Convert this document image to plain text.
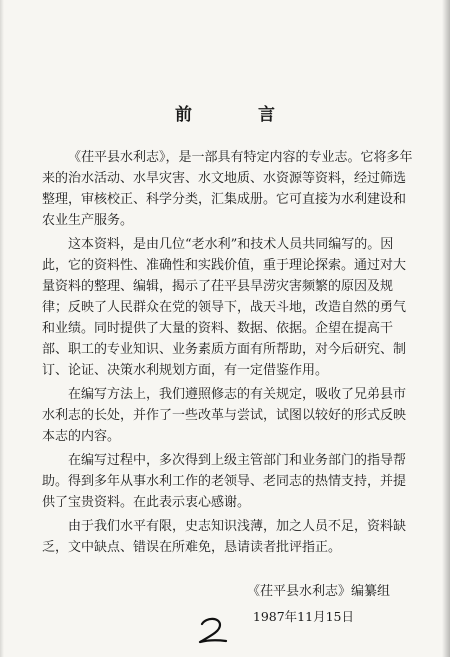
前 言

《茌平县水利志》，是一部具有特定内容的专业志。它将多年来的治水活动、水旱灾害、水文地质、水资源等资料，经过筛选整理，审核校正、科学分类，汇集成册。它可直接为水利建设和农业生产服务。

这本资料，是由几位“老水利”和技术人员共同编写的。因此，它的资料性、准确性和实践价值，重于理论探索。通过对大量资料的整理、编辑，揭示了茌平县旱涝灾害频繁的原因及规律；反映了人民群众在党的领导下，战天斗地，改造自然的勇气和业绩。同时提供了大量的资料、数据、依据。企望在提高干部、职工的专业知识、业务素质方面有所帮助，对今后研究、制订、论证、决策水利规划方面，有一定借鉴作用。

在编写方法上，我们遵照修志的有关规定，吸收了兄弟县市水利志的长处，并作了一些改革与尝试，试图以较好的形式反映本志的内容。

在编写过程中，多次得到上级主管部门和业务部门的指导帮助。得到多年从事水利工作的老领导、老同志的热情支持，并提供了宝贵资料。在此表示衷心感谢。

由于我们水平有限，史志知识浅薄，加之人员不足，资料缺乏，文中缺点、错误在所难免，恳请读者批评指正。

《茌平县水利志》编纂组
1987年11月15日
